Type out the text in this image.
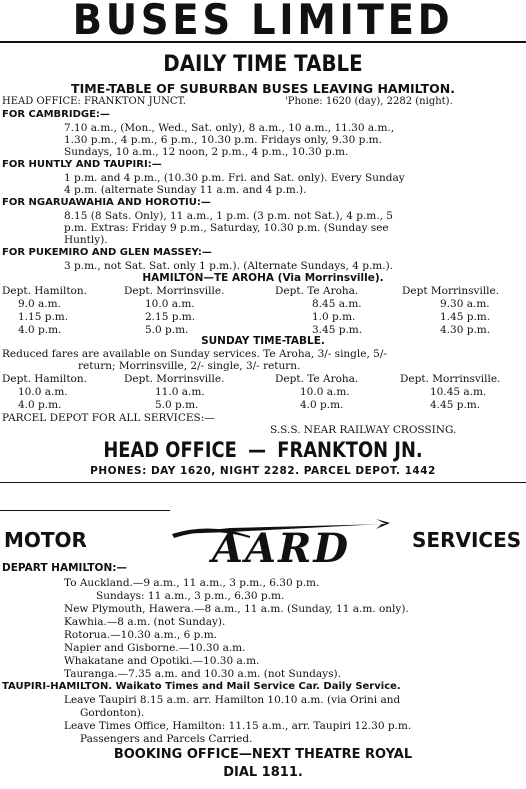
BUSES LIMITED
DAILY TIME TABLE
TIME-TABLE OF SUBURBAN BUSES LEAVING HAMILTON.
HEAD OFFICE: FRANKTON JUNCT.	'Phone: 1620 (day), 2282 (night).
FOR CAMBRIDGE:—
7.10 a.m., (Mon., Wed., Sat. only), 8 a.m., 10 a.m., 11.30 a.m.,
1.30 p.m., 4 p.m., 6 p.m., 10.30 p.m. Fridays only, 9.30 p.m.
Sundays, 10 a.m., 12 noon, 2 p.m., 4 p.m., 10.30 p.m.
FOR HUNTLY AND TAUPIRI:—
1 p.m. and 4 p.m., (10.30 p.m. Fri. and Sat. only). Every Sunday
4 p.m. (alternate Sunday 11 a.m. and 4 p.m.).
FOR NGARUAWAHIA AND HOROTIU:—
8.15 (8 Sats. Only), 11 a.m., 1 p.m. (3 p.m. not Sat.), 4 p.m., 5
p.m. Extras: Friday 9 p.m., Saturday, 10.30 p.m. (Sunday see
Huntly).
FOR PUKEMIRO AND GLEN MASSEY:—
3 p.m., not Sat. Sat. only 1 p.m.). (Alternate Sundays, 4 p.m.).
HAMILTON—TE AROHA (Via Morrinsville).
Dept. Hamilton.	Dept. Morrinsville.	Dept. Te Aroha.	Dept Morrinsville.
9.0 a.m.	10.0 a.m.	8.45 a.m.	9.30 a.m.
1.15 p.m.	2.15 p.m.	1.0 p.m.	1.45 p.m.
4.0 p.m.	5.0 p.m.	3.45 p.m.	4.30 p.m.
SUNDAY TIME-TABLE.
Reduced fares are available on Sunday services. Te Aroha, 3/- single, 5/-
return; Morrinsville, 2/- single, 3/- return.
Dept. Hamilton.	Dept. Morrinsville.	Dept. Te Aroha.	Dept. Morrinsville.
10.0 a.m.	11.0 a.m.	10.0 a.m.	10.45 a.m.
4.0 p.m.	5.0 p.m.	4.0 p.m.	4.45 p.m.
PARCEL DEPOT FOR ALL SERVICES:—
S.S.S. NEAR RAILWAY CROSSING.
HEAD OFFICE — FRANKTON JN.
PHONES: DAY 1620, NIGHT 2282. PARCEL DEPOT. 1442
MOTOR	AARD	SERVICES
DEPART HAMILTON:—
To Auckland.—9 a.m., 11 a.m., 3 p.m., 6.30 p.m.
Sundays: 11 a.m., 3 p.m., 6.30 p.m.
New Plymouth, Hawera.—8 a.m., 11 a.m. (Sunday, 11 a.m. only).
Kawhia.—8 a.m. (not Sunday).
Rotorua.—10.30 a.m., 6 p.m.
Napier and Gisborne.—10.30 a.m.
Whakatane and Opotiki.—10.30 a.m.
Tauranga.—7.35 a.m. and 10.30 a.m. (not Sundays).
TAUPIRI-HAMILTON. Waikato Times and Mail Service Car. Daily Service.
Leave Taupiri 8.15 a.m. arr. Hamilton 10.10 a.m. (via Orini and
Gordonton).
Leave Times Office, Hamilton: 11.15 a.m., arr. Taupiri 12.30 p.m.
Passengers and Parcels Carried.
BOOKING OFFICE—NEXT THEATRE ROYAL
DIAL 1811.
